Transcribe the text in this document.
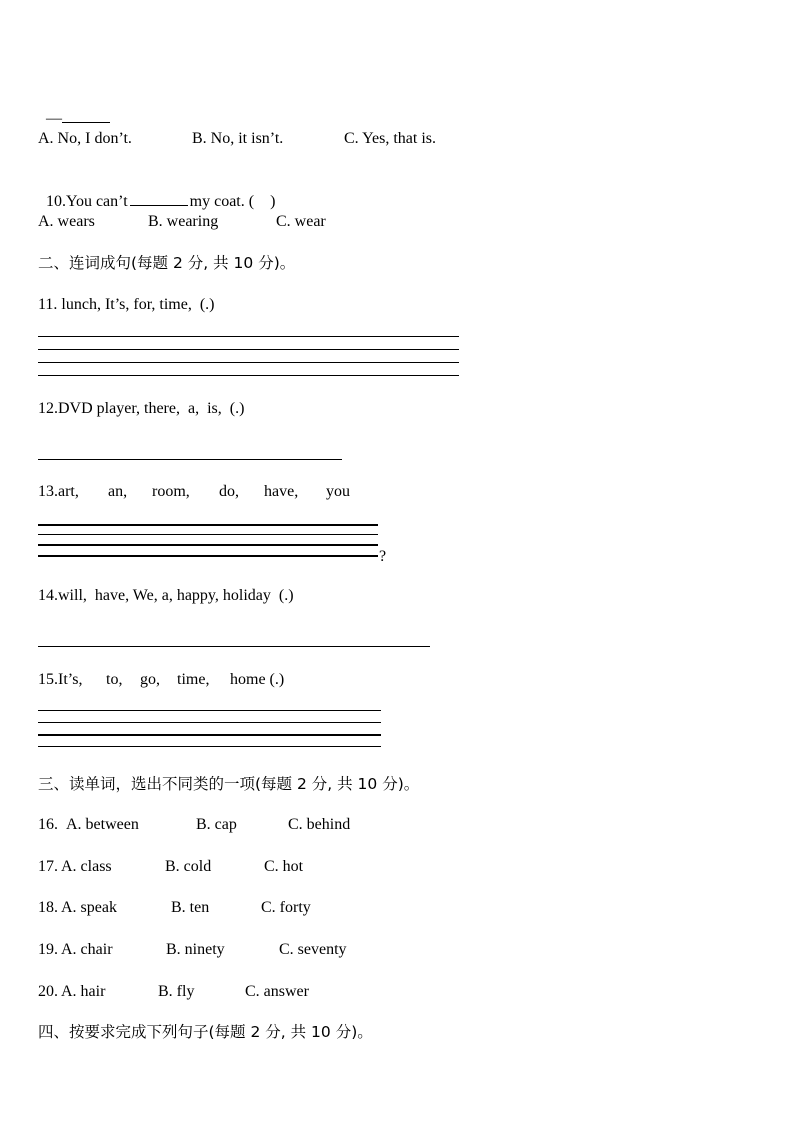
—

A. No, I don’t.	B. No, it isn’t.	C. Yes, that is.

10.You can’t	my coat. (    )

A. wears	B. wearing	C. wear
二、连词成句(每题 2 分, 共 10 分)。
11. lunch, It’s, for, time,  (.)
12.DVD player, there,  a,  is,  (.)
13.art, an, room, do, have, you
?
14.will,  have, We, a, happy, holiday  (.)
15.It’s, to, go, time, home (.)
三、读单词，选出不同类的一项(每题 2 分, 共 10 分)。
16. A. between	B. cap	C. behind
17. A. class	B. cold	C. hot
18. A. speak	B. ten	C. forty
19. A. chair	B. ninety	C. seventy
20. A. hair	B. fly	C. answer
四、按要求完成下列句子(每题 2 分, 共 10 分)。
